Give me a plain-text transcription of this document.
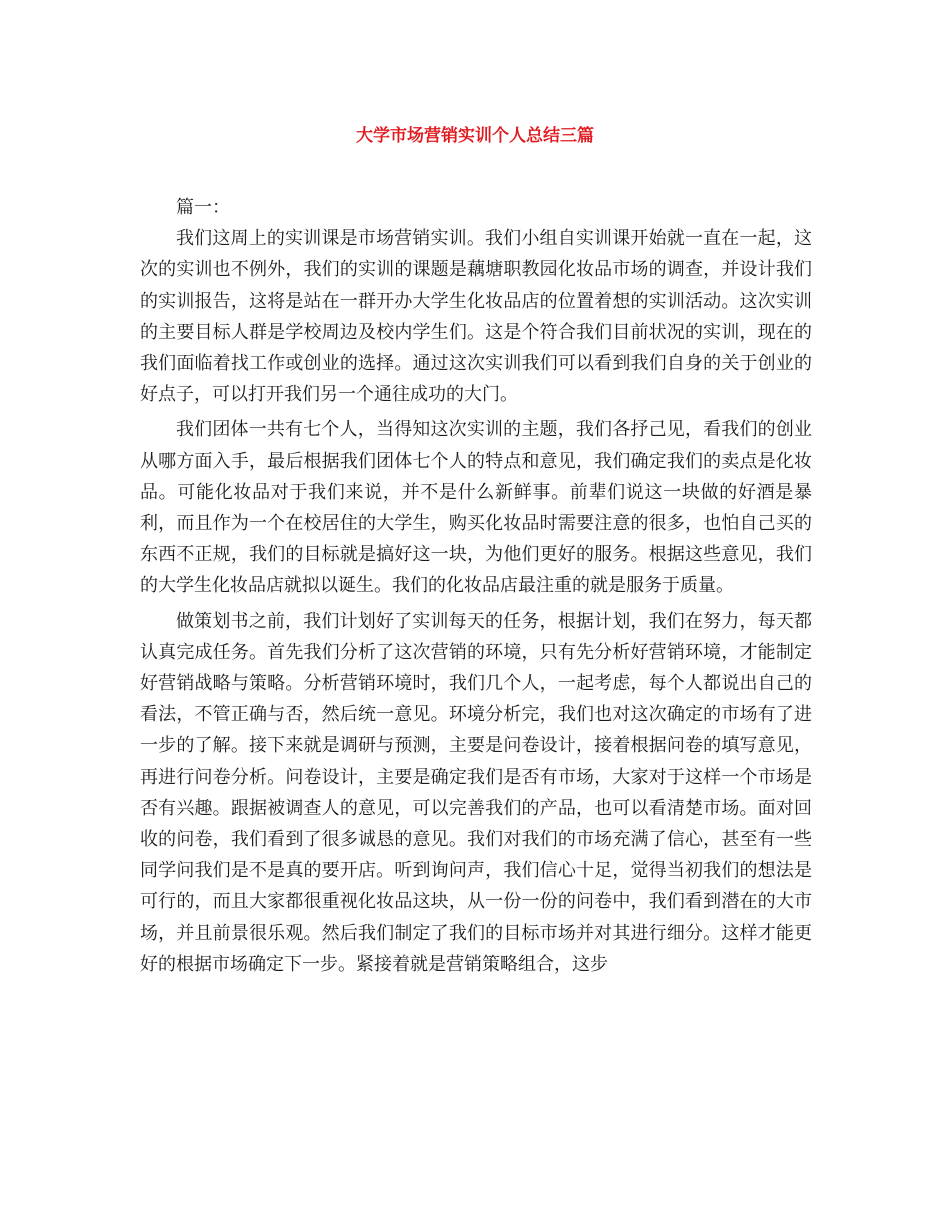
大学市场营销实训个人总结三篇

篇一：

我们这周上的实训课是市场营销实训。我们小组自实训课开始就一直在一起，这次的实训也不例外，我们的实训的课题是藕塘职教园化妆品市场的调查，并设计我们的实训报告，这将是站在一群开办大学生化妆品店的位置着想的实训活动。这次实训的主要目标人群是学校周边及校内学生们。这是个符合我们目前状况的实训，现在的我们面临着找工作或创业的选择。通过这次实训我们可以看到我们自身的关于创业的好点子，可以打开我们另一个通往成功的大门。

我们团体一共有七个人，当得知这次实训的主题，我们各抒己见，看我们的创业从哪方面入手，最后根据我们团体七个人的特点和意见，我们确定我们的卖点是化妆品。可能化妆品对于我们来说，并不是什么新鲜事。前辈们说这一块做的好酒是暴利，而且作为一个在校居住的大学生，购买化妆品时需要注意的很多，也怕自己买的东西不正规，我们的目标就是搞好这一块，为他们更好的服务。根据这些意见，我们的大学生化妆品店就拟以诞生。我们的化妆品店最注重的就是服务于质量。

做策划书之前，我们计划好了实训每天的任务，根据计划，我们在努力，每天都认真完成任务。首先我们分析了这次营销的环境，只有先分析好营销环境，才能制定好营销战略与策略。分析营销环境时，我们几个人，一起考虑，每个人都说出自己的看法，不管正确与否，然后统一意见。环境分析完，我们也对这次确定的市场有了进一步的了解。接下来就是调研与预测，主要是问卷设计，接着根据问卷的填写意见，再进行问卷分析。问卷设计，主要是确定我们是否有市场，大家对于这样一个市场是否有兴趣。跟据被调查人的意见，可以完善我们的产品，也可以看清楚市场。面对回收的问卷，我们看到了很多诚恳的意见。我们对我们的市场充满了信心，甚至有一些同学问我们是不是真的要开店。听到询问声，我们信心十足，觉得当初我们的想法是可行的，而且大家都很重视化妆品这块，从一份一份的问卷中，我们看到潜在的大市场，并且前景很乐观。然后我们制定了我们的目标市场并对其进行细分。这样才能更好的根据市场确定下一步。紧接着就是营销策略组合，这步
